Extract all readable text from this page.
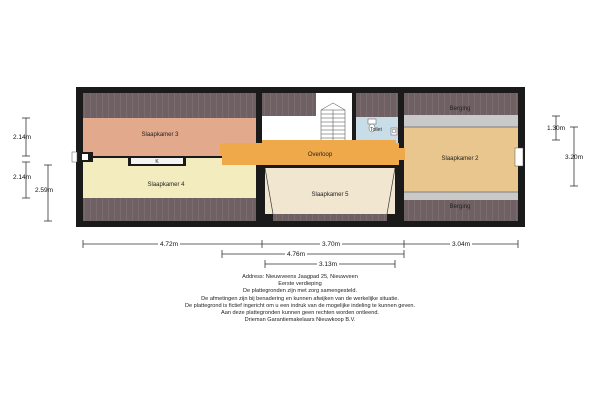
Slaapkamer 3
Slaapkamer 4
K
Overloop
Toilet
Slaapkamer 5
Slaapkamer 2
Berging
Berging
2.14m
2.14m
2.59m
1.30m
3.20m
4.72m	3.70m	3.04m
4.76m
3.13m
Address: Nieuwveens Jaagpad 25, Nieuwveen
Eerste verdieping
De plattegronden zijn met zorg samengesteld.
De afmetingen zijn bij benadering en kunnen afwijken van de werkelijke situatie.
De plattegrond is fictief ingericht om u een indruk van de mogelijke indeling te kunnen geven.
Aan deze plattegronden kunnen geen rechten worden ontleend.
Drieman Garantiemakelaars Nieuwkoop B.V.
